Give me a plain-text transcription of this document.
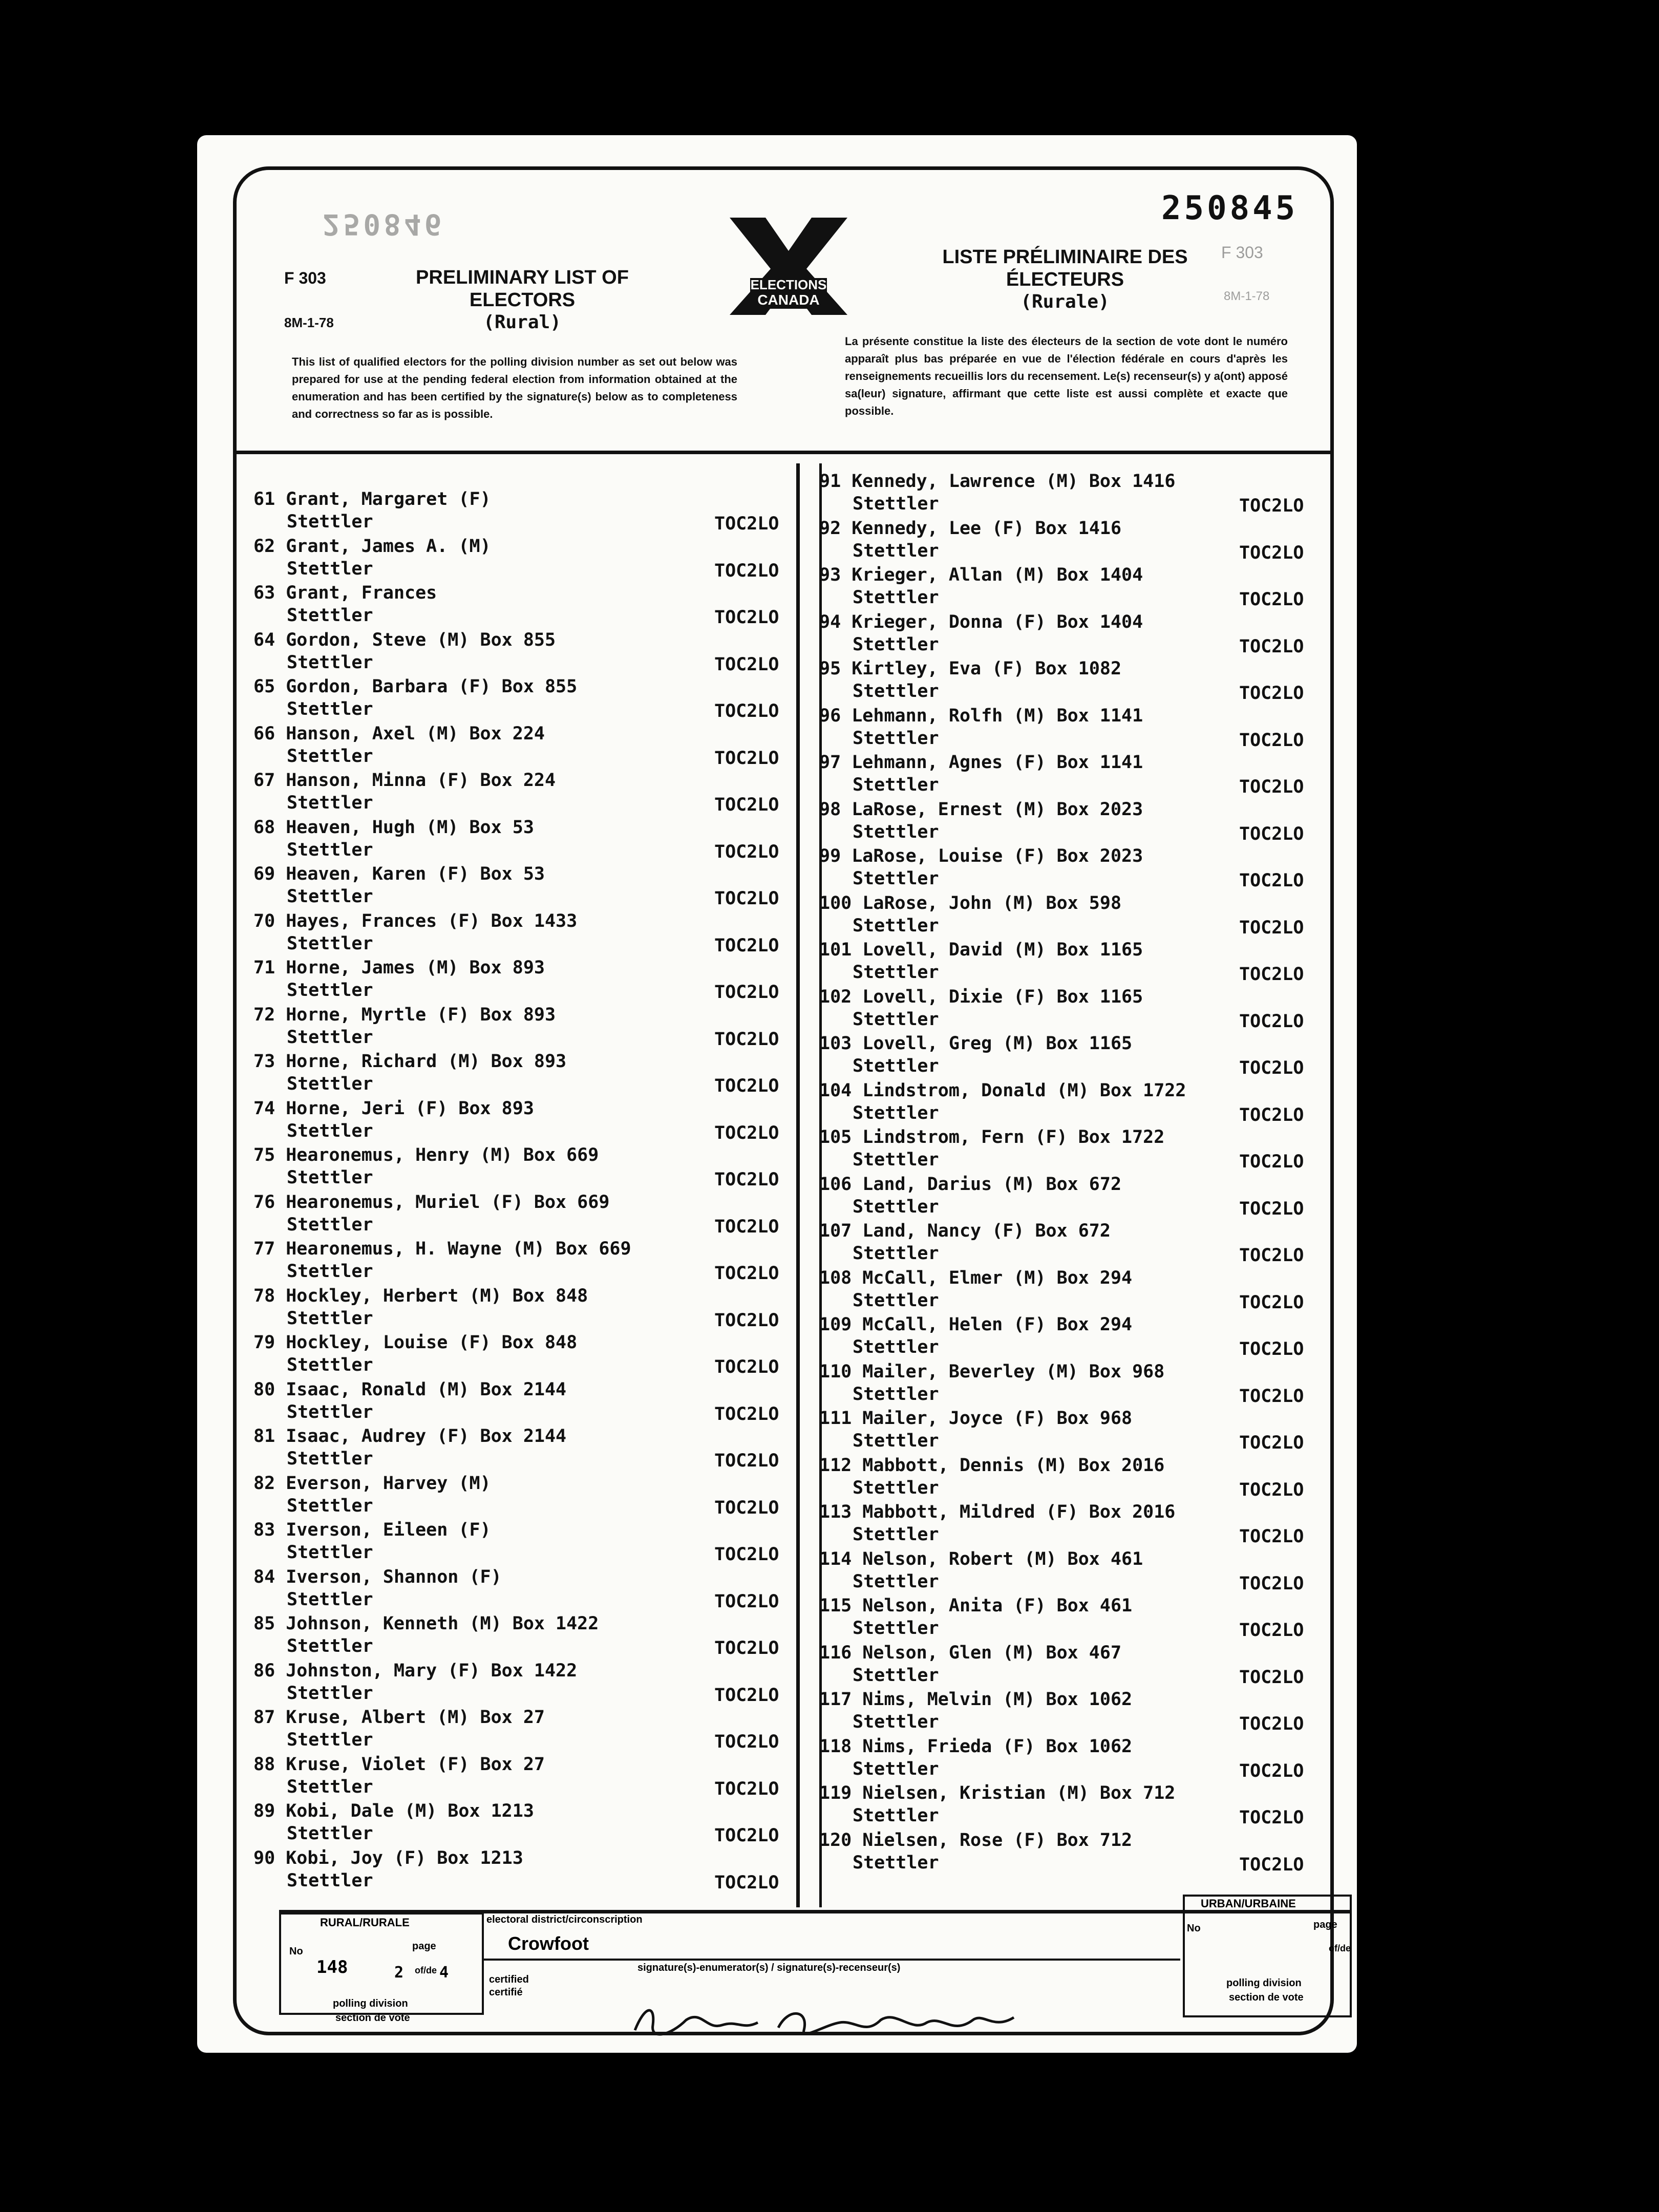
250845
250846
F 303
F 303
8M-1-78
8M-1-78
PRELIMINARY LIST OF
ELECTORS
(Rural)
LISTE PRÉLIMINAIRE DES
ÉLECTEURS
(Rurale)
ELECTIONS
CANADA
This list of qualified electors for the polling division number as set out below was prepared for use at the pending federal election from information obtained at the enumeration and has been certified by the signature(s) below as to completeness and correctness so far as is possible.
La présente constitue la liste des électeurs de la section de vote dont le numéro apparaît plus bas préparée en vue de l'élection fédérale en cours d'après les renseignements recueillis lors du recensement. Le(s) recenseur(s) y a(ont) apposé sa(leur) signature, affirmant que cette liste est aussi complète et exacte que possible.
61 Grant, Margaret (F)
Stettler	TOC2LO
62 Grant, James A. (M)
Stettler	TOC2LO
63 Grant, Frances
Stettler	TOC2LO
64 Gordon, Steve (M) Box 855
Stettler	TOC2LO
65 Gordon, Barbara (F) Box 855
Stettler	TOC2LO
66 Hanson, Axel (M) Box 224
Stettler	TOC2LO
67 Hanson, Minna (F) Box 224
Stettler	TOC2LO
68 Heaven, Hugh (M) Box 53
Stettler	TOC2LO
69 Heaven, Karen (F) Box 53
Stettler	TOC2LO
70 Hayes, Frances (F) Box 1433
Stettler	TOC2LO
71 Horne, James (M) Box 893
Stettler	TOC2LO
72 Horne, Myrtle (F) Box 893
Stettler	TOC2LO
73 Horne, Richard (M) Box 893
Stettler	TOC2LO
74 Horne, Jeri (F) Box 893
Stettler	TOC2LO
75 Hearonemus, Henry (M) Box 669
Stettler	TOC2LO
76 Hearonemus, Muriel (F) Box 669
Stettler	TOC2LO
77 Hearonemus, H. Wayne (M) Box 669
Stettler	TOC2LO
78 Hockley, Herbert (M) Box 848
Stettler	TOC2LO
79 Hockley, Louise (F) Box 848
Stettler	TOC2LO
80 Isaac, Ronald (M) Box 2144
Stettler	TOC2LO
81 Isaac, Audrey (F) Box 2144
Stettler	TOC2LO
82 Everson, Harvey (M)
Stettler	TOC2LO
83 Iverson, Eileen (F)
Stettler	TOC2LO
84 Iverson, Shannon (F)
Stettler	TOC2LO
85 Johnson, Kenneth (M) Box 1422
Stettler	TOC2LO
86 Johnston, Mary (F) Box 1422
Stettler	TOC2LO
87 Kruse, Albert (M) Box 27
Stettler	TOC2LO
88 Kruse, Violet (F) Box 27
Stettler	TOC2LO
89 Kobi, Dale (M) Box 1213
Stettler	TOC2LO
90 Kobi, Joy (F) Box 1213
Stettler	TOC2LO
91 Kennedy, Lawrence (M) Box 1416
Stettler	TOC2LO
92 Kennedy, Lee (F) Box 1416
Stettler	TOC2LO
93 Krieger, Allan (M) Box 1404
Stettler	TOC2LO
94 Krieger, Donna (F) Box 1404
Stettler	TOC2LO
95 Kirtley, Eva (F) Box 1082
Stettler	TOC2LO
96 Lehmann, Rolfh (M) Box 1141
Stettler	TOC2LO
97 Lehmann, Agnes (F) Box 1141
Stettler	TOC2LO
98 LaRose, Ernest (M) Box 2023
Stettler	TOC2LO
99 LaRose, Louise (F) Box 2023
Stettler	TOC2LO
100 LaRose, John (M) Box 598
Stettler	TOC2LO
101 Lovell, David (M) Box 1165
Stettler	TOC2LO
102 Lovell, Dixie (F) Box 1165
Stettler	TOC2LO
103 Lovell, Greg (M) Box 1165
Stettler	TOC2LO
104 Lindstrom, Donald (M) Box 1722
Stettler	TOC2LO
105 Lindstrom, Fern (F) Box 1722
Stettler	TOC2LO
106 Land, Darius (M) Box 672
Stettler	TOC2LO
107 Land, Nancy (F) Box 672
Stettler	TOC2LO
108 McCall, Elmer (M) Box 294
Stettler	TOC2LO
109 McCall, Helen (F) Box 294
Stettler	TOC2LO
110 Mailer, Beverley (M) Box 968
Stettler	TOC2LO
111 Mailer, Joyce (F) Box 968
Stettler	TOC2LO
112 Mabbott, Dennis (M) Box 2016
Stettler	TOC2LO
113 Mabbott, Mildred (F) Box 2016
Stettler	TOC2LO
114 Nelson, Robert (M) Box 461
Stettler	TOC2LO
115 Nelson, Anita (F) Box 461
Stettler	TOC2LO
116 Nelson, Glen (M) Box 467
Stettler	TOC2LO
117 Nims, Melvin (M) Box 1062
Stettler	TOC2LO
118 Nims, Frieda (F) Box 1062
Stettler	TOC2LO
119 Nielsen, Kristian (M) Box 712
Stettler	TOC2LO
120 Nielsen, Rose (F) Box 712
Stettler	TOC2LO
RURAL/RURALE
No	page
148	2 of/de 4
polling division
section de vote
electoral district/circonscription
Crowfoot
certified
certifié
signature(s)-enumerator(s) / signature(s)-recenseur(s)
URBAN/URBAINE
No	page
of/de
polling division
section de vote
